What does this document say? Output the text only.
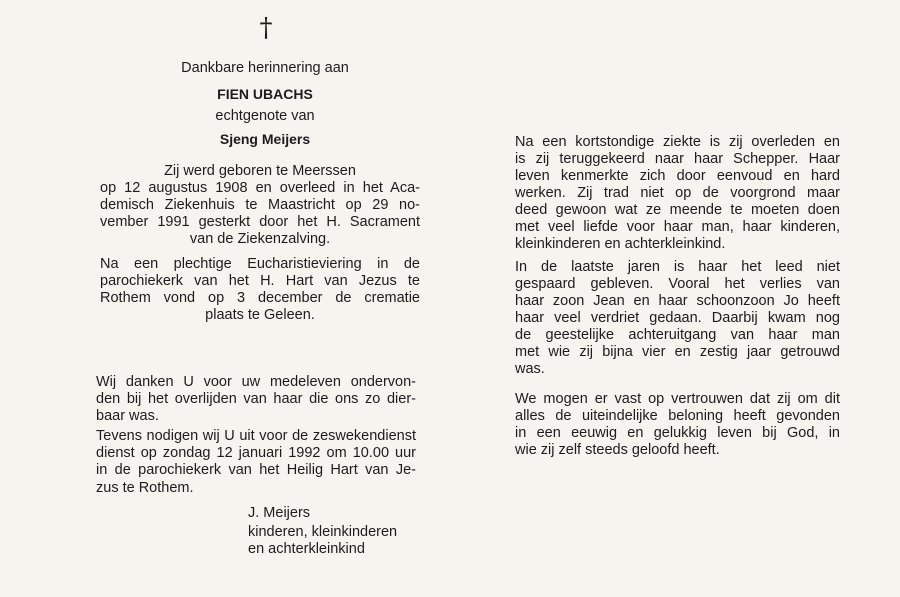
†
Dankbare herinnering aan
FIEN UBACHS
echtgenote van
Sjeng Meijers
Zij werd geboren te Meerssen
op 12 augustus 1908 en overleed in het Aca-
demisch Ziekenhuis te Maastricht op 29 no-
vember 1991 gesterkt door het H. Sacrament
van de Ziekenzalving.
Na een plechtige Eucharistieviering in de
parochiekerk van het H. Hart van Jezus te
Rothem vond op 3 december de crematie
plaats te Geleen.
Wij danken U voor uw medeleven ondervon-
den bij het overlijden van haar die ons zo dier-
baar was.
Tevens nodigen wij U uit voor de zeswekendienst
dienst op zondag 12 januari 1992 om 10.00 uur
in de parochiekerk van het Heilig Hart van Je-
zus te Rothem.
J. Meijers
kinderen, kleinkinderen
en achterkleinkind
Na een kortstondige ziekte is zij overleden en
is zij teruggekeerd naar haar Schepper. Haar
leven kenmerkte zich door eenvoud en hard
werken. Zij trad niet op de voorgrond maar
deed gewoon wat ze meende te moeten doen
met veel liefde voor haar man, haar kinderen,
kleinkinderen en achterkleinkind.
In de laatste jaren is haar het leed niet
gespaard gebleven. Vooral het verlies van
haar zoon Jean en haar schoonzoon Jo heeft
haar veel verdriet gedaan. Daarbij kwam nog
de geestelijke achteruitgang van haar man
met wie zij bijna vier en zestig jaar getrouwd
was.
We mogen er vast op vertrouwen dat zij om dit
alles de uiteindelijke beloning heeft gevonden
in een eeuwig en gelukkig leven bij God, in
wie zij zelf steeds geloofd heeft.
